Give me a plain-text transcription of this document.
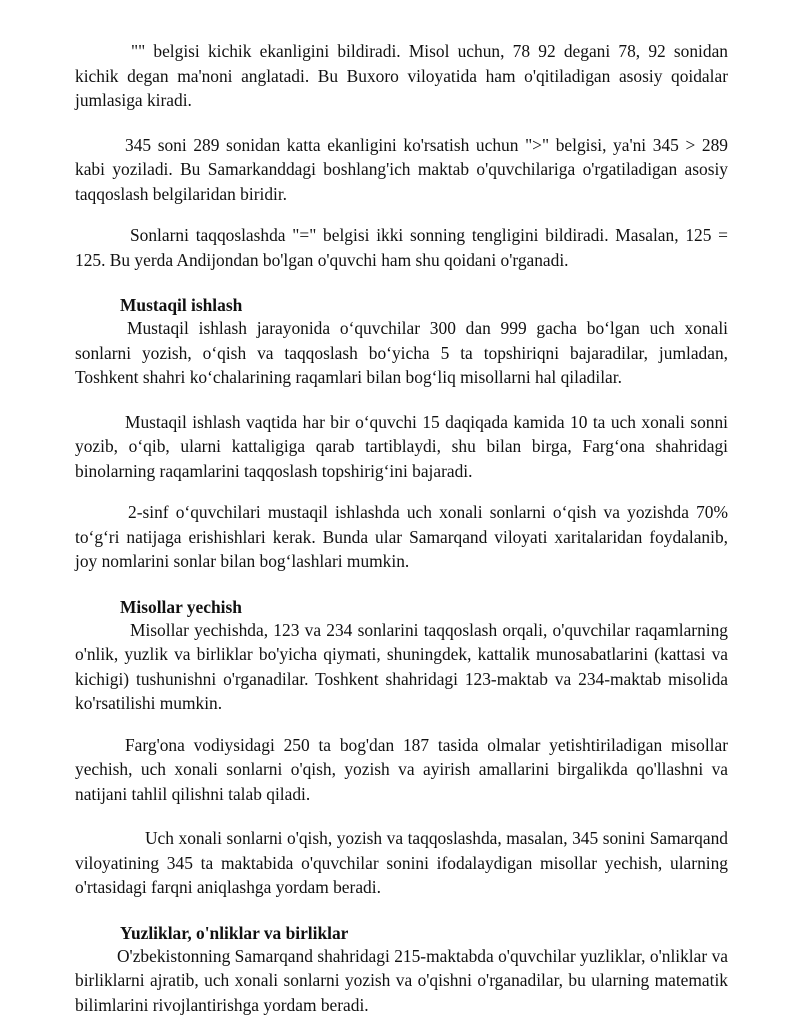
"" belgisi kichik ekanligini bildiradi. Misol uchun, 78 92 degani 78, 92 sonidan kichik degan ma'noni anglatadi. Bu Buxoro viloyatida ham o'qitiladigan asosiy qoidalar jumlasiga kiradi.

345 soni 289 sonidan katta ekanligini ko'rsatish uchun ">" belgisi, ya'ni 345 > 289 kabi yoziladi. Bu Samarkanddagi boshlang'ich maktab o'quvchilariga o'rgatiladigan asosiy taqqoslash belgilaridan biridir.

Sonlarni taqqoslashda "=" belgisi ikki sonning tengligini bildiradi. Masalan, 125 = 125. Bu yerda Andijondan bo'lgan o'quvchi ham shu qoidani o'rganadi.

Mustaqil ishlash

Mustaqil ishlash jarayonida o‘quvchilar 300 dan 999 gacha bo‘lgan uch xonali sonlarni yozish, o‘qish va taqqoslash bo‘yicha 5 ta topshiriqni bajaradilar, jumladan, Toshkent shahri ko‘chalarining raqamlari bilan bog‘liq misollarni hal qiladilar.

Mustaqil ishlash vaqtida har bir o‘quvchi 15 daqiqada kamida 10 ta uch xonali sonni yozib, o‘qib, ularni kattaligiga qarab tartiblaydi, shu bilan birga, Farg‘ona shahridagi binolarning raqamlarini taqqoslash topshirig‘ini bajaradi.

2-sinf o‘quvchilari mustaqil ishlashda uch xonali sonlarni o‘qish va yozishda 70% to‘g‘ri natijaga erishishlari kerak. Bunda ular Samarqand viloyati xaritalaridan foydalanib, joy nomlarini sonlar bilan bog‘lashlari mumkin.

Misollar yechish

Misollar yechishda, 123 va 234 sonlarini taqqoslash orqali, o'quvchilar raqamlarning o'nlik, yuzlik va birliklar bo'yicha qiymati, shuningdek, kattalik munosabatlarini (kattasi va kichigi) tushunishni o'rganadilar. Toshkent shahridagi 123-maktab va 234-maktab misolida ko'rsatilishi mumkin.

Farg'ona vodiysidagi 250 ta bog'dan 187 tasida olmalar yetishtiriladigan misollar yechish, uch xonali sonlarni o'qish, yozish va ayirish amallarini birgalikda qo'llashni va natijani tahlil qilishni talab qiladi.

Uch xonali sonlarni o'qish, yozish va taqqoslashda, masalan, 345 sonini Samarqand viloyatining 345 ta maktabida o'quvchilar sonini ifodalaydigan misollar yechish, ularning o'rtasidagi farqni aniqlashga yordam beradi.

Yuzliklar, o'nliklar va birliklar

O'zbekistonning Samarqand shahridagi 215-maktabda o'quvchilar yuzliklar, o'nliklar va birliklarni ajratib, uch xonali sonlarni yozish va o'qishni o'rganadilar, bu ularning matematik bilimlarini rivojlantirishga yordam beradi.
